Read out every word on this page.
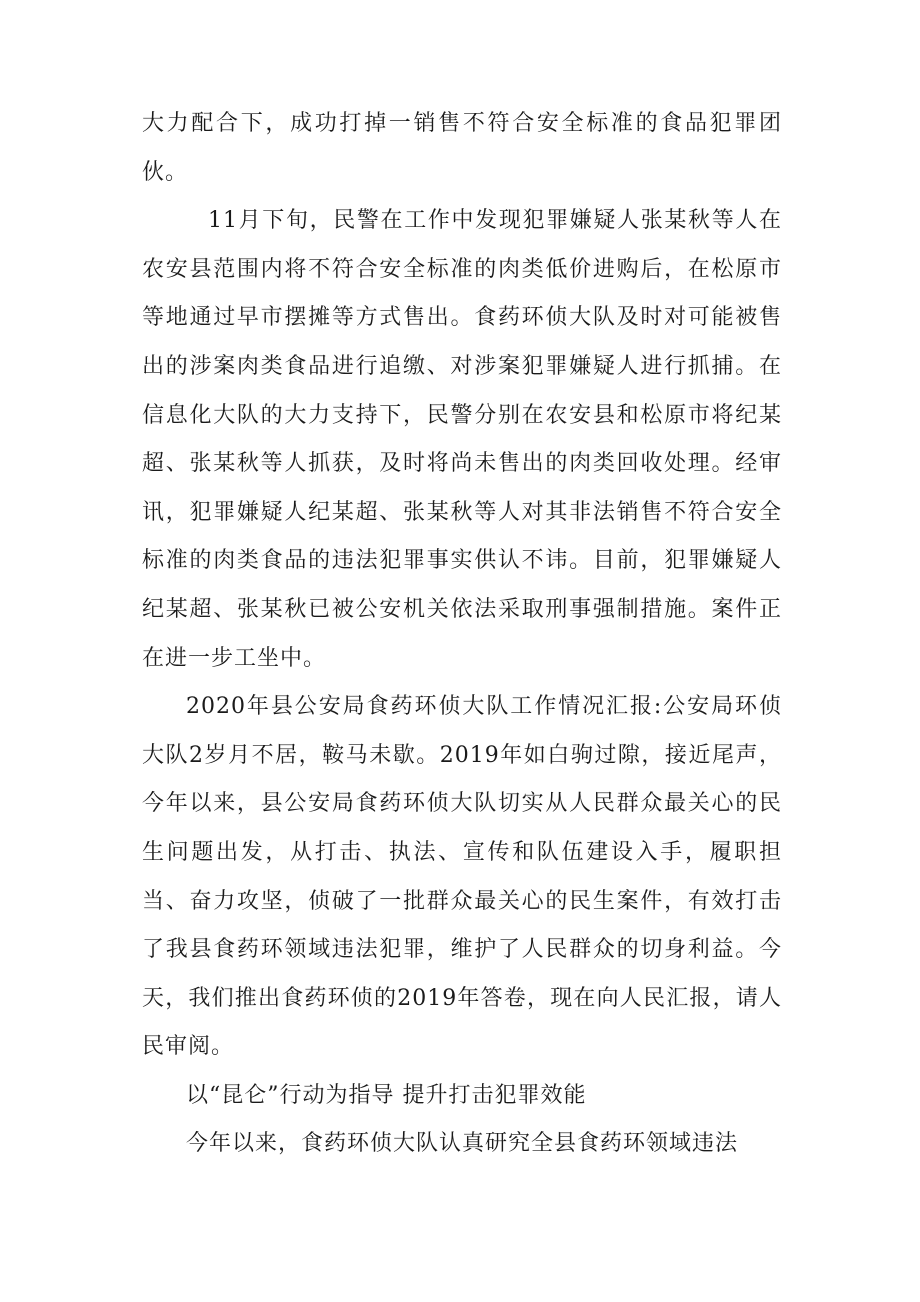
大力配合下，成功打掉一销售不符合安全标准的食品犯罪团伙。

11月下旬，民警在工作中发现犯罪嫌疑人张某秋等人在农安县范围内将不符合安全标准的肉类低价进购后，在松原市等地通过早市摆摊等方式售出。食药环侦大队及时对可能被售出的涉案肉类食品进行追缴、对涉案犯罪嫌疑人进行抓捕。在信息化大队的大力支持下，民警分别在农安县和松原市将纪某超、张某秋等人抓获，及时将尚未售出的肉类回收处理。经审讯，犯罪嫌疑人纪某超、张某秋等人对其非法销售不符合安全标准的肉类食品的违法犯罪事实供认不讳。目前，犯罪嫌疑人纪某超、张某秋已被公安机关依法采取刑事强制措施。案件正在进一步工坐中。

2020年县公安局食药环侦大队工作情况汇报:公安局环侦大队2岁月不居，鞍马未歇。2019年如白驹过隙，接近尾声，今年以来，县公安局食药环侦大队切实从人民群众最关心的民生问题出发，从打击、执法、宣传和队伍建设入手，履职担当、奋力攻坚，侦破了一批群众最关心的民生案件，有效打击了我县食药环领域违法犯罪，维护了人民群众的切身利益。今天，我们推出食药环侦的2019年答卷，现在向人民汇报，请人民审阅。

以“昆仑”行动为指导 提升打击犯罪效能

今年以来，食药环侦大队认真研究全县食药环领域违法
